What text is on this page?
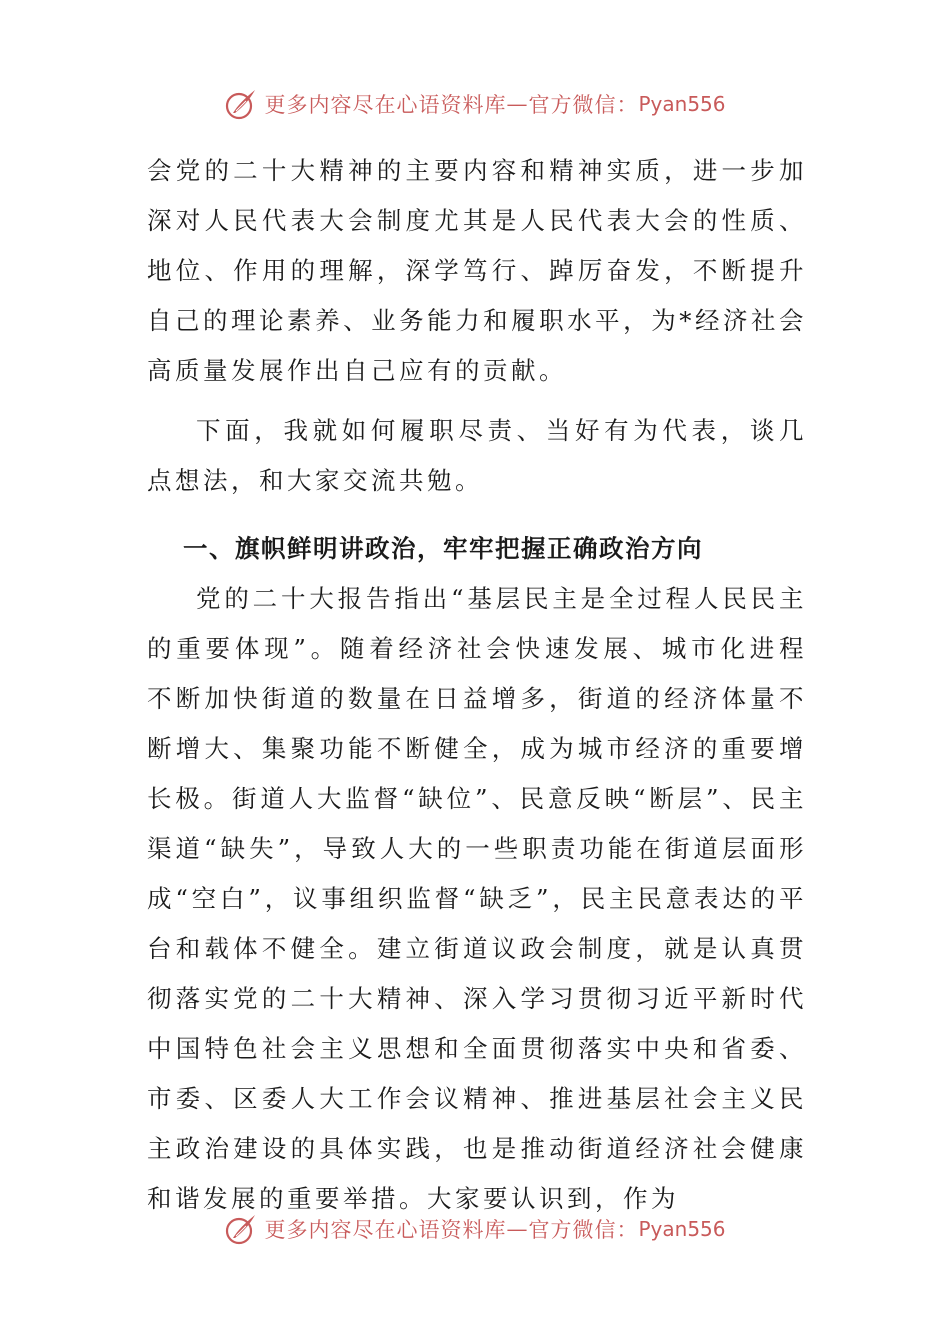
更多内容尽在心语资料库 — 官方微信： Pyan556

会党的二十大精神的主要内容和精神实质，进一步加深对人民代表大会制度尤其是人民代表大会的性质、地位、作用的理解，深学笃行、踔厉奋发，不断提升自己的理论素养、业务能力和履职水平，为*经济社会高质量发展作出自己应有的贡献。

下面，我就如何履职尽责、当好有为代表，谈几点想法，和大家交流共勉。

一、旗帜鲜明讲政治，牢牢把握正确政治方向

党的二十大报告指出“基层民主是全过程人民民主的重要体现”。随着经济社会快速发展、城市化进程不断加快街道的数量在日益增多，街道的经济体量不断增大、集聚功能不断健全，成为城市经济的重要增长极。街道人大监督“缺位”、民意反映“断层”、民主渠道“缺失”，导致人大的一些职责功能在街道层面形成“空白”，议事组织监督“缺乏”，民主民意表达的平台和载体不健全。建立街道议政会制度，就是认真贯彻落实党的二十大精神、深入学习贯彻习近平新时代中国特色社会主义思想和全面贯彻落实中央和省委、市委、区委人大工作会议精神、推进基层社会主义民主政治建设的具体实践，也是推动街道经济社会健康和谐发展的重要举措。大家要认识到，作为

更多内容尽在心语资料库 — 官方微信： Pyan556
